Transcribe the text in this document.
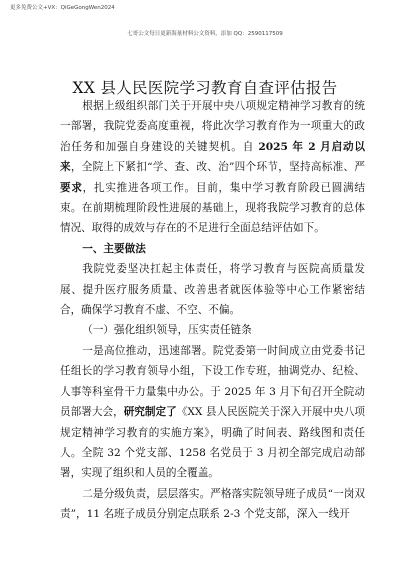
更多免费公文+VX：QiGeGongWen2024
七哥公文每日更新海量材料公文资料，添加 QQ：2590117509
XX 县人民医院学习教育自查评估报告

根据上级组织部门关于开展中央八项规定精神学习教育的统一部署，我院党委高度重视，将此次学习教育作为一项重大的政治任务和加强自身建设的关键契机。自 2025 年 2 月启动以来，全院上下紧扣“学、查、改、治”四个环节，坚持高标准、严要求，扎实推进各项工作。目前，集中学习教育阶段已圆满结束。在前期梳理阶段性进展的基础上，现将我院学习教育的总体情况、取得的成效与存在的不足进行全面总结评估如下。

一、主要做法

我院党委坚决扛起主体责任，将学习教育与医院高质量发展、提升医疗服务质量、改善患者就医体验等中心工作紧密结合，确保学习教育不虚、不空、不偏。

（一）强化组织领导，压实责任链条

一是高位推动，迅速部署。院党委第一时间成立由党委书记任组长的学习教育领导小组，下设工作专班，抽调党办、纪检、人事等科室骨干力量集中办公。于 2025 年 3 月下旬召开全院动员部署大会，研究制定了《XX 县人民医院关于深入开展中央八项规定精神学习教育的实施方案》，明确了时间表、路线图和责任人。全院 32 个党支部、1258 名党员于 3 月初全部完成启动部署，实现了组织和人员的全覆盖。

二是分级负责，层层落实。严格落实院领导班子成员“一岗双责”，11 名班子成员分别定点联系 2-3 个党支部，深入一线开
